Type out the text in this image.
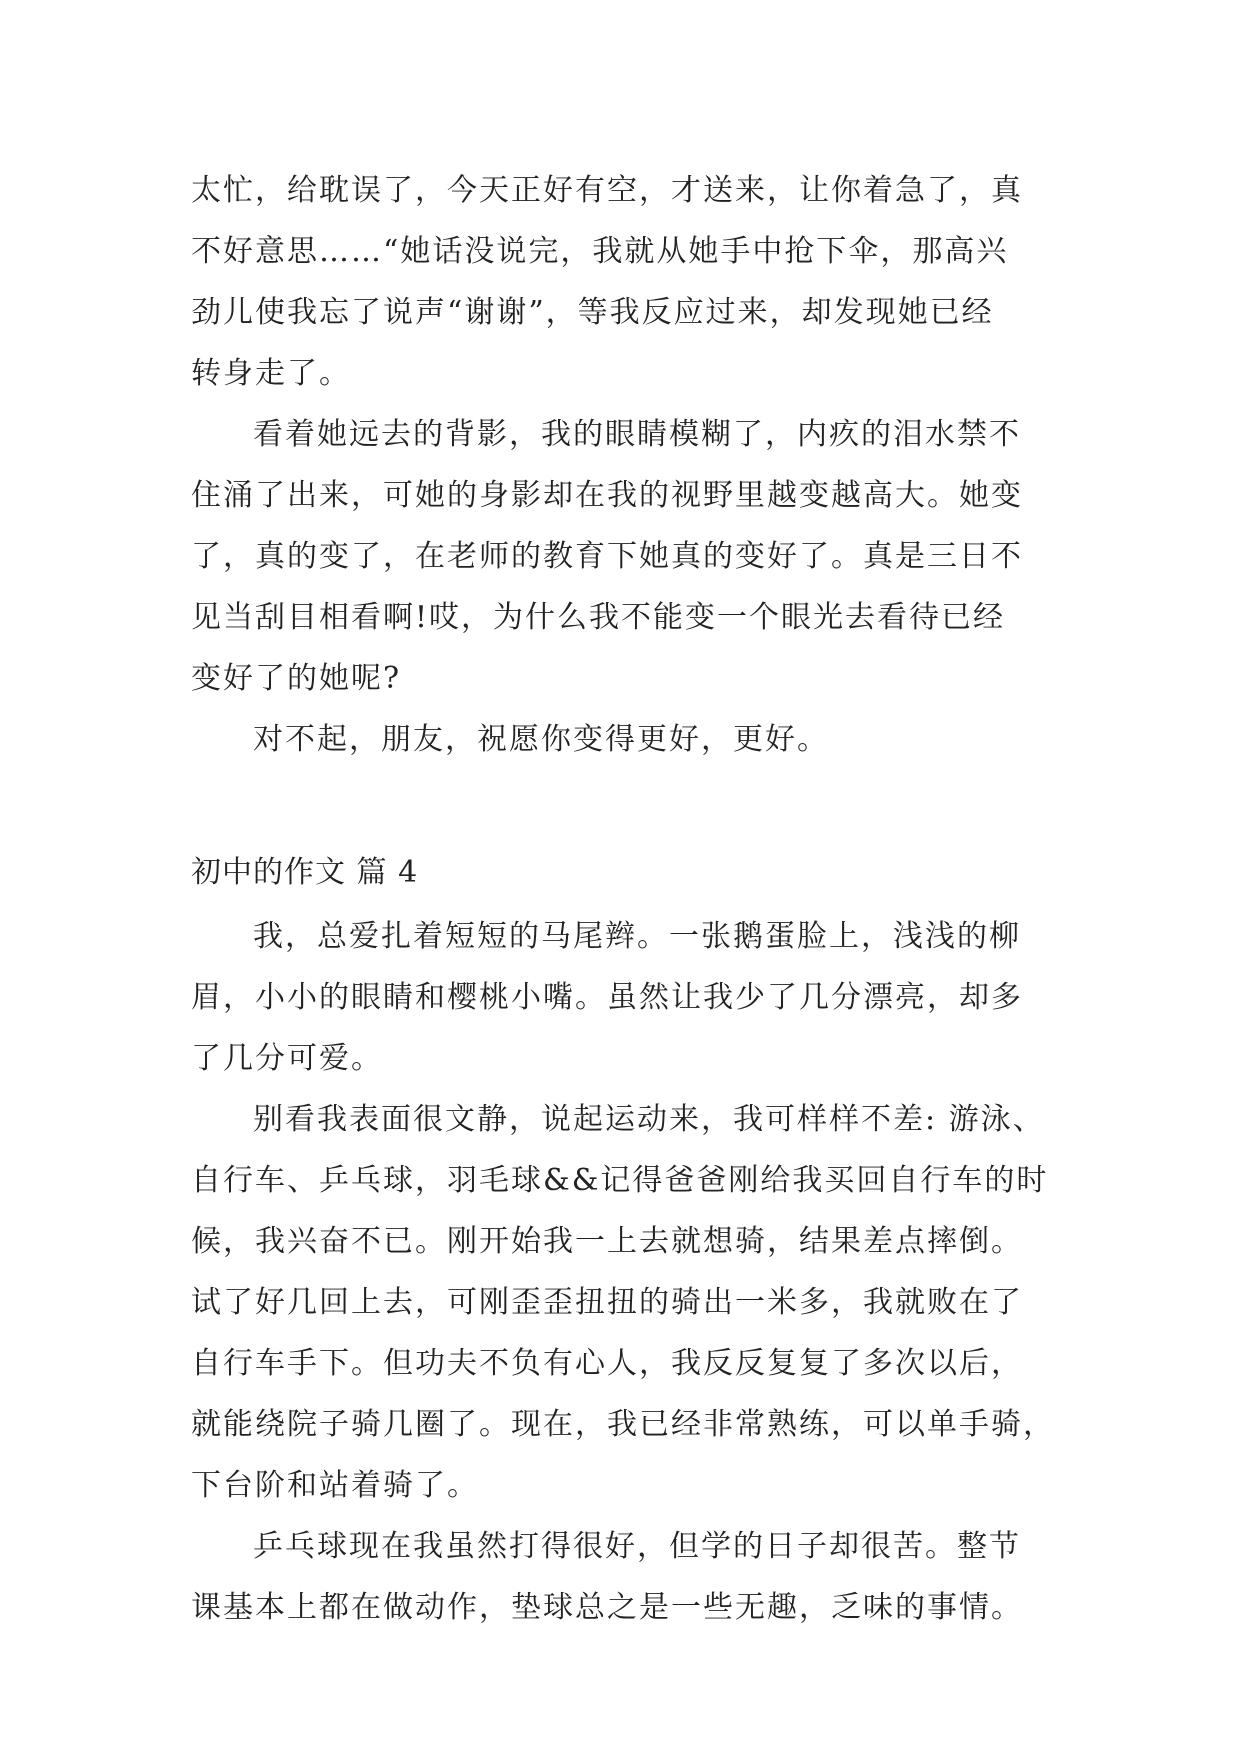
太忙，给耽误了，今天正好有空，才送来，让你着急了，真
不好意思……“她话没说完，我就从她手中抢下伞，那高兴
劲儿使我忘了说声“谢谢”，等我反应过来，却发现她已经
转身走了。
看着她远去的背影，我的眼睛模糊了，内疚的泪水禁不
住涌了出来，可她的身影却在我的视野里越变越高大。她变
了，真的变了，在老师的教育下她真的变好了。真是三日不
见当刮目相看啊!哎，为什么我不能变一个眼光去看待已经
变好了的她呢?
对不起，朋友，祝愿你变得更好，更好。
初中的作文 篇 4
我，总爱扎着短短的马尾辫。一张鹅蛋脸上，浅浅的柳
眉，小小的眼睛和樱桃小嘴。虽然让我少了几分漂亮，却多
了几分可爱。
别看我表面很文静，说起运动来，我可样样不差: 游泳、
自行车、乒乓球，羽毛球&&记得爸爸刚给我买回自行车的时
候，我兴奋不已。刚开始我一上去就想骑，结果差点摔倒。
试了好几回上去，可刚歪歪扭扭的骑出一米多，我就败在了
自行车手下。但功夫不负有心人，我反反复复了多次以后，
就能绕院子骑几圈了。现在，我已经非常熟练，可以单手骑，
下台阶和站着骑了。
乒乓球现在我虽然打得很好，但学的日子却很苦。整节
课基本上都在做动作，垫球总之是一些无趣，乏味的事情。
